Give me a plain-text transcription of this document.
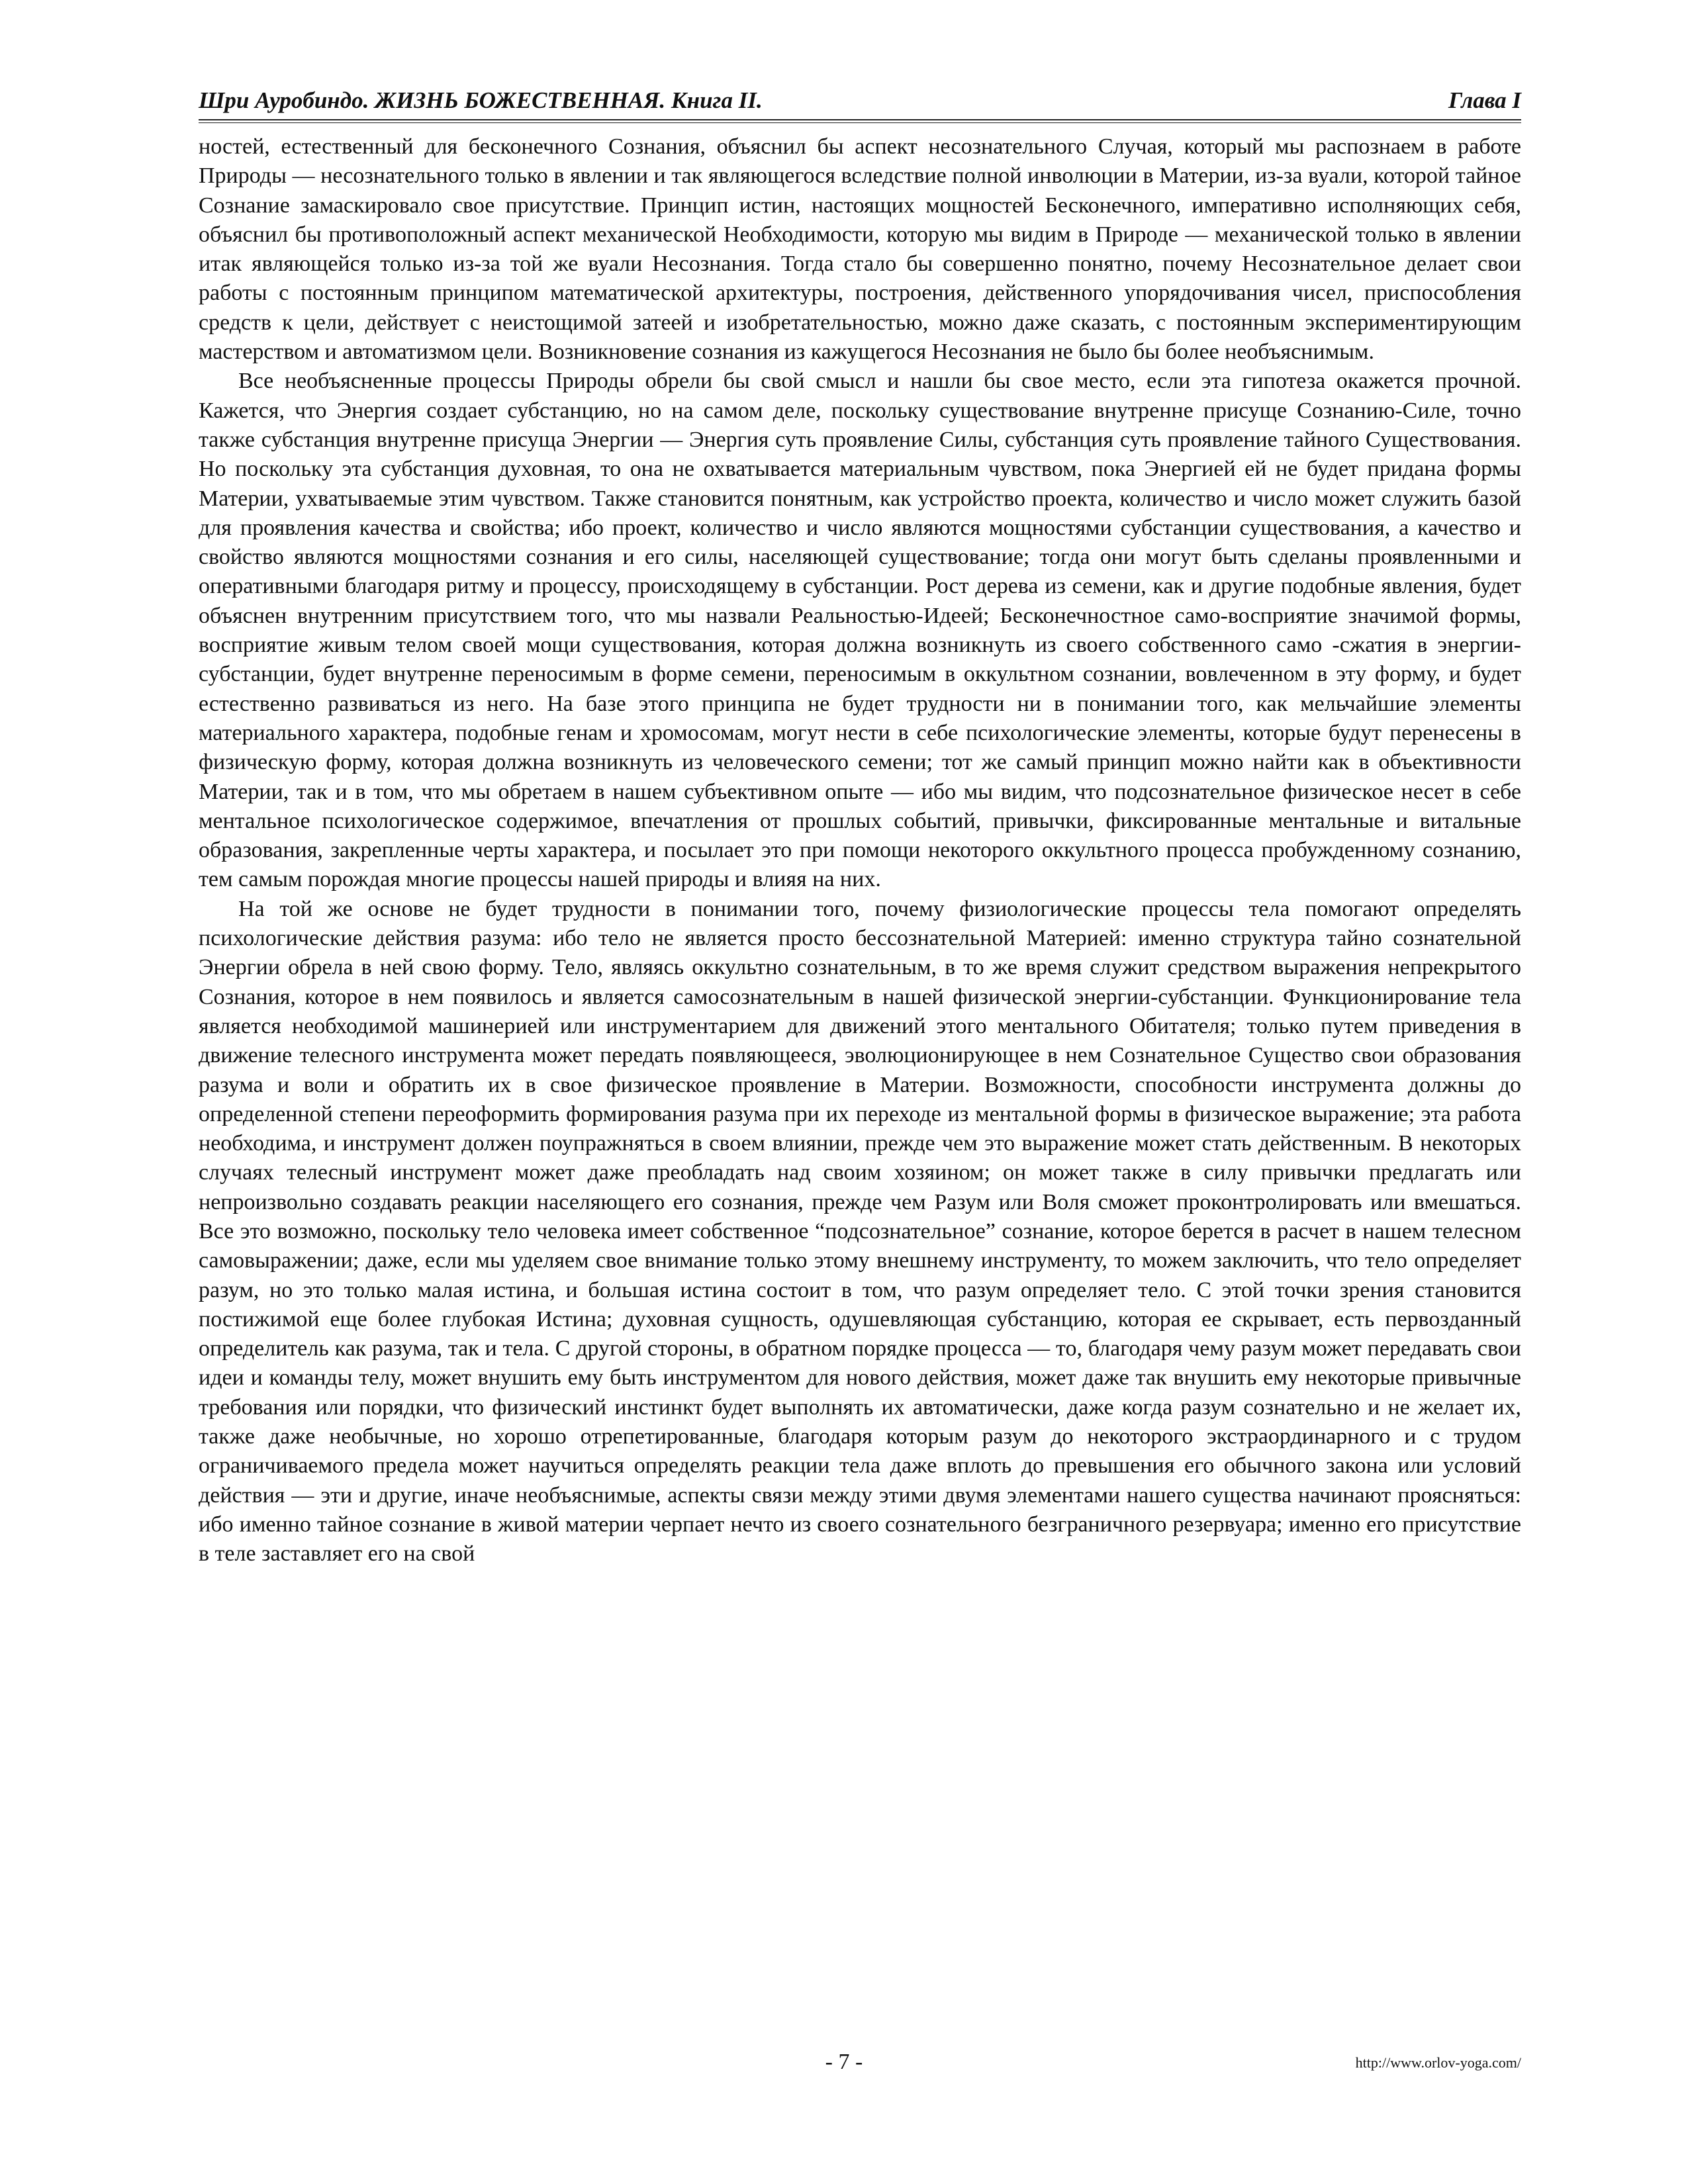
Шри Ауробиндо. ЖИЗНЬ БОЖЕСТВЕННАЯ. Книга II.	Глава I

ностей, естественный для бесконечного Сознания, объяснил бы аспект несознательного Случая, который мы распознаем в работе Природы — несознательного только в явлении и так являющегося вследствие полной инволюции в Материи, из-за вуали, которой тайное Сознание замаскировало свое присутствие. Принцип истин, настоящих мощностей Бесконечного, императивно исполняющих себя, объяснил бы противоположный аспект механической Необходимости, которую мы видим в Природе — механической только в явлении итак являющейся только из-за той же вуали Несознания. Тогда стало бы совершенно понятно, почему Несознательное делает свои работы с постоянным принципом математической архитектуры, построения, действенного упорядочивания чисел, приспособления средств к цели, действует с неистощимой затеей и изобретательностью, можно даже сказать, с постоянным экспериментирующим мастерством и автоматизмом цели. Возникновение сознания из кажущегося Несознания не было бы более необъяснимым.

Все необъясненные процессы Природы обрели бы свой смысл и нашли бы свое место, если эта гипотеза окажется прочной. Кажется, что Энергия создает субстанцию, но на самом деле, поскольку существование внутренне присуще Сознанию-Силе, точно также субстанция внутренне присуща Энергии — Энергия суть проявление Силы, субстанция суть проявление тайного Существования. Но поскольку эта субстанция духовная, то она не охватывается материальным чувством, пока Энергией ей не будет придана формы Материи, ухватываемые этим чувством. Также становится понятным, как устройство проекта, количество и число может служить базой для проявления качества и свойства; ибо проект, количество и число являются мощностями субстанции существования, а качество и свойство являются мощностями сознания и его силы, населяющей существование; тогда они могут быть сделаны проявленными и оперативными благодаря ритму и процессу, происходящему в субстанции. Рост дерева из семени, как и другие подобные явления, будет объяснен внутренним присутствием того, что мы назвали Реальностью-Идеей; Бесконечностное само-восприятие значимой формы, восприятие живым телом своей мощи существования, которая должна возникнуть из своего собственного само -сжатия в энергии-субстанции, будет внутренне переносимым в форме семени, переносимым в оккультном сознании, вовлеченном в эту форму, и будет естественно развиваться из него. На базе этого принципа не будет трудности ни в понимании того, как мельчайшие элементы материального характера, подобные генам и хромосомам, могут нести в себе психологические элементы, которые будут перенесены в физическую форму, которая должна возникнуть из человеческого семени; тот же самый принцип можно найти как в объективности Материи, так и в том, что мы обретаем в нашем субъективном опыте — ибо мы видим, что подсознательное физическое несет в себе ментальное психологическое содержимое, впечатления от прошлых событий, привычки, фиксированные ментальные и витальные образования, закрепленные черты характера, и посылает это при помощи некоторого оккультного процесса пробужденному сознанию, тем самым порождая многие процессы нашей природы и влияя на них.

На той же основе не будет трудности в понимании того, почему физиологические процессы тела помогают определять психологические действия разума: ибо тело не является просто бессознательной Материей: именно структура тайно сознательной Энергии обрела в ней свою форму. Тело, являясь оккультно сознательным, в то же время служит средством выражения непрекрытого Сознания, которое в нем появилось и является самосознательным в нашей физической энергии-субстанции. Функционирование тела является необходимой машинерией или инструментарием для движений этого ментального Обитателя; только путем приведения в движение телесного инструмента может передать появляющееся, эволюционирующее в нем Сознательное Существо свои образования разума и воли и обратить их в свое физическое проявление в Материи. Возможности, способности инструмента должны до определенной степени переоформить формирования разума при их переходе из ментальной формы в физическое выражение; эта работа необходима, и инструмент должен поупражняться в своем влиянии, прежде чем это выражение может стать действенным. В некоторых случаях телесный инструмент может даже преобладать над своим хозяином; он может также в силу привычки предлагать или непроизвольно создавать реакции населяющего его сознания, прежде чем Разум или Воля сможет проконтролировать или вмешаться. Все это возможно, поскольку тело человека имеет собственное “подсознательное” сознание, которое берется в расчет в нашем телесном самовыражении; даже, если мы уделяем свое внимание только этому внешнему инструменту, то можем заключить, что тело определяет разум, но это только малая истина, и большая истина состоит в том, что разум определяет тело. С этой точки зрения становится постижимой еще более глубокая Истина; духовная сущность, одушевляющая субстанцию, которая ее скрывает, есть первозданный определитель как разума, так и тела. С другой стороны, в обратном порядке процесса — то, благодаря чему разум может передавать свои идеи и команды телу, может внушить ему быть инструментом для нового действия, может даже так внушить ему некоторые привычные требования или порядки, что физический инстинкт будет выполнять их автоматически, даже когда разум сознательно и не желает их, также даже необычные, но хорошо отрепетированные, благодаря которым разум до некоторого экстраординарного и с трудом ограничиваемого предела может научиться определять реакции тела даже вплоть до превышения его обычного закона или условий действия — эти и другие, иначе необъяснимые, аспекты связи между этими двумя элементами нашего существа начинают проясняться: ибо именно тайное сознание в живой материи черпает нечто из своего сознательного безграничного резервуара; именно его присутствие в теле заставляет его на свой

- 7 -	http://www.orlov-yoga.com/
